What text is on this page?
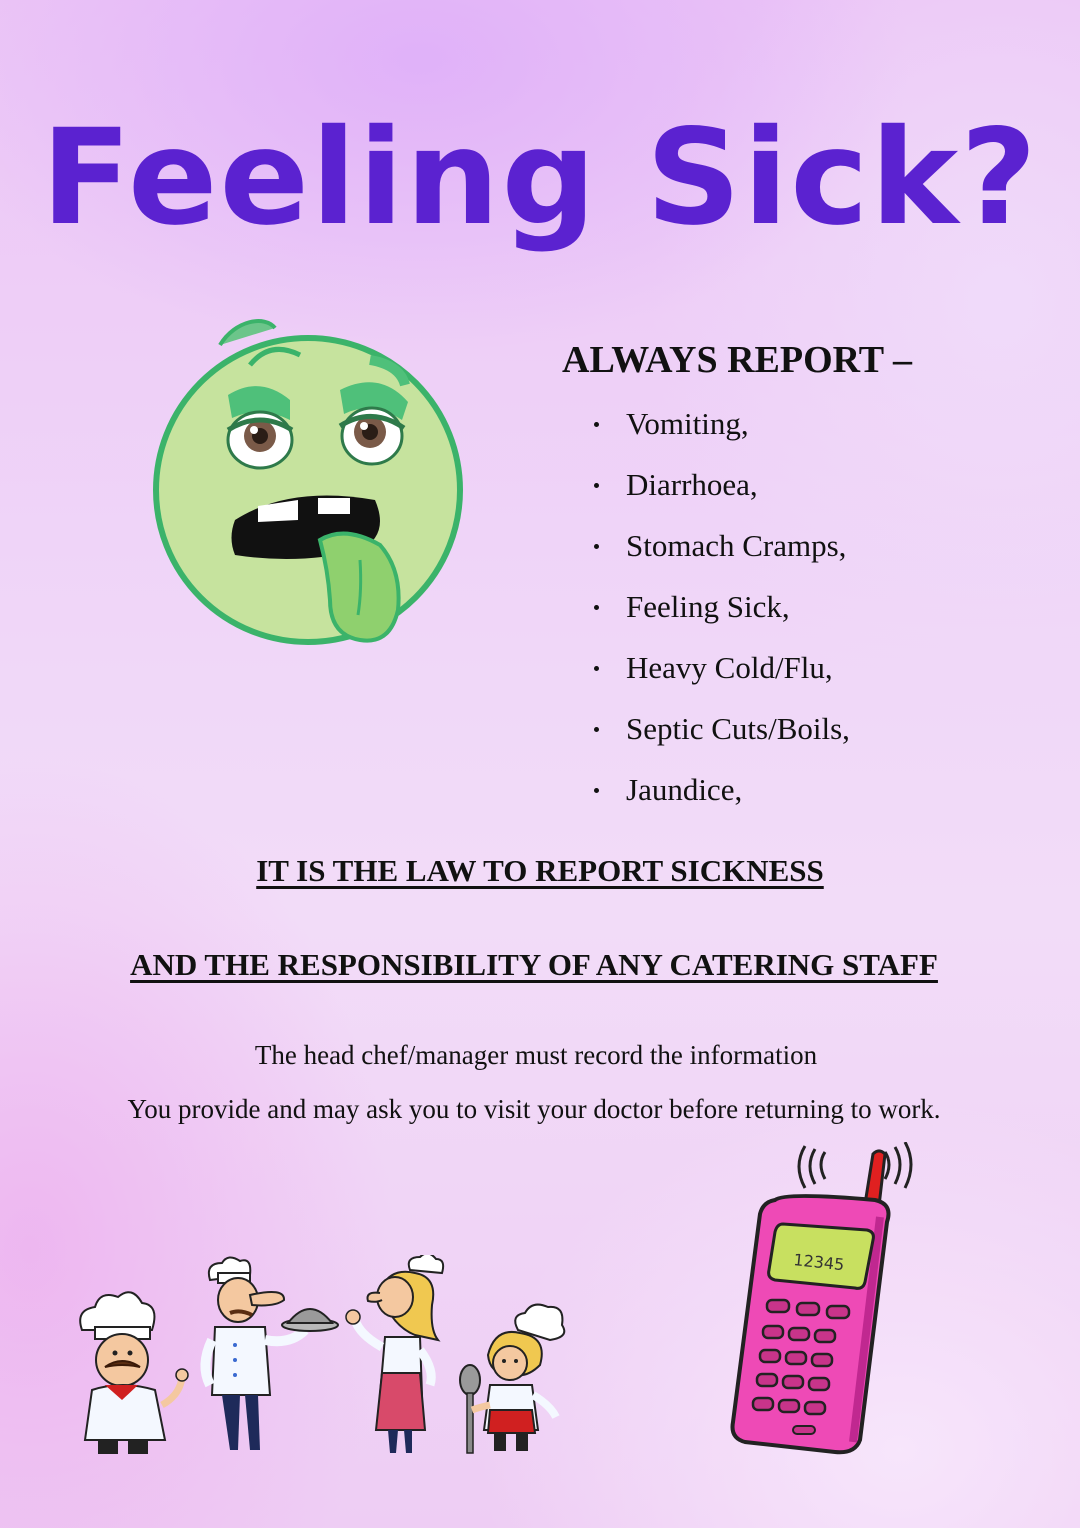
Feeling Sick?
ALWAYS REPORT –
Vomiting,
Diarrhoea,
Stomach Cramps,
Feeling Sick,
Heavy Cold/Flu,
Septic Cuts/Boils,
Jaundice,
IT IS THE LAW TO REPORT SICKNESS
AND THE RESPONSIBILITY OF ANY CATERING STAFF
The head chef/manager must record the information
You provide and may ask you to visit your doctor before returning to work.
12345
